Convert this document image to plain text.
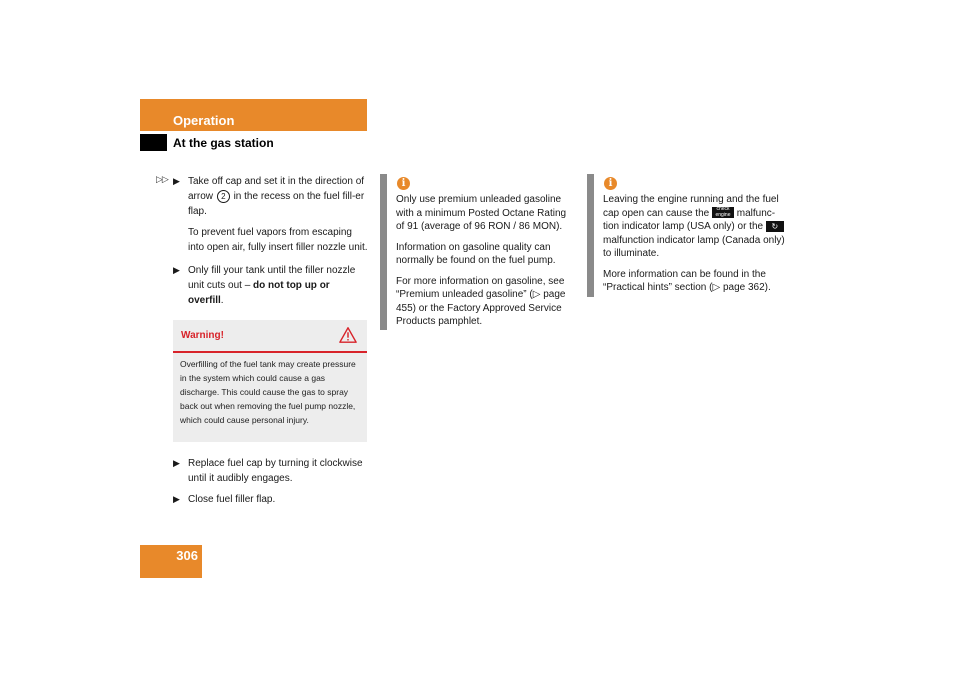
Operation
At the gas station
▷▷ ▶ Take off cap and set it in the direction of arrow 2 in the recess on the fuel fill-er flap.
To prevent fuel vapors from escaping into open air, fully insert filler nozzle unit.
▶ Only fill your tank until the filler nozzle unit cuts out – do not top up or overfill.
Warning!
Overfilling of the fuel tank may create pressure in the system which could cause a gas discharge. This could cause the gas to spray back out when removing the fuel pump nozzle, which could cause personal injury.
▶ Replace fuel cap by turning it clockwise until it audibly engages.
▶ Close fuel filler flap.
i

Only use premium unleaded gasoline with a minimum Posted Octane Rating of 91 (average of 96 RON / 86 MON).

Information on gasoline quality can normally be found on the fuel pump.

For more information on gasoline, see “Premium unleaded gasoline” (▷ page 455) or the Factory Approved Service Products pamphlet.

i

Leaving the engine running and the fuel cap open can cause the check engine malfunc-tion indicator lamp (USA only) or the ↻ malfunction indicator lamp (Canada only) to illuminate.

More information can be found in the “Practical hints” section (▷ page 362).

306
